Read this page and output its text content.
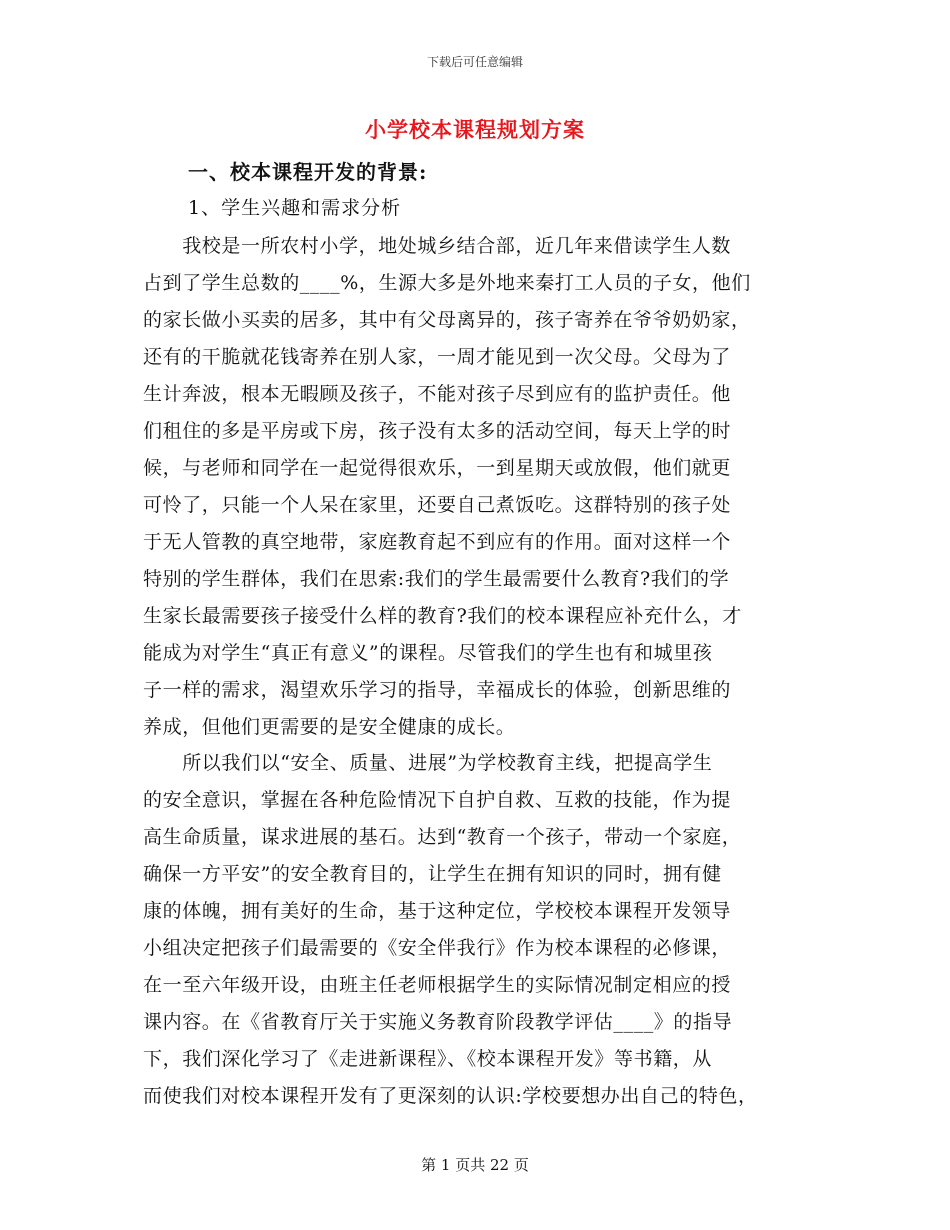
下载后可任意编辑
小学校本课程规划方案
一、校本课程开发的背景:
1、学生兴趣和需求分析
　　我校是一所农村小学，地处城乡结合部，近几年来借读学生人数
占到了学生总数的____%，生源大多是外地来秦打工人员的子女，他们
的家长做小买卖的居多，其中有父母离异的，孩子寄养在爷爷奶奶家，
还有的干脆就花钱寄养在别人家，一周才能见到一次父母。父母为了
生计奔波，根本无暇顾及孩子，不能对孩子尽到应有的监护责任。他
们租住的多是平房或下房，孩子没有太多的活动空间，每天上学的时
候，与老师和同学在一起觉得很欢乐，一到星期天或放假，他们就更
可怜了，只能一个人呆在家里，还要自己煮饭吃。这群特别的孩子处
于无人管教的真空地带，家庭教育起不到应有的作用。面对这样一个
特别的学生群体，我们在思索:我们的学生最需要什么教育?我们的学
生家长最需要孩子接受什么样的教育?我们的校本课程应补充什么，才
能成为对学生“真正有意义”的课程。尽管我们的学生也有和城里孩
子一样的需求，渴望欢乐学习的指导，幸福成长的体验，创新思维的
养成，但他们更需要的是安全健康的成长。
　　所以我们以“安全、质量、进展”为学校教育主线，把提高学生
的安全意识，掌握在各种危险情况下自护自救、互救的技能，作为提
高生命质量，谋求进展的基石。达到“教育一个孩子，带动一个家庭，
确保一方平安”的安全教育目的，让学生在拥有知识的同时，拥有健
康的体魄，拥有美好的生命，基于这种定位，学校校本课程开发领导
小组决定把孩子们最需要的《安全伴我行》作为校本课程的必修课，
在一至六年级开设，由班主任老师根据学生的实际情况制定相应的授
课内容。在《省教育厅关于实施义务教育阶段教学评估____》的指导
下，我们深化学习了《走进新课程》、《校本课程开发》等书籍，从
而使我们对校本课程开发有了更深刻的认识:学校要想办出自己的特色，
第 1 页共 22 页
